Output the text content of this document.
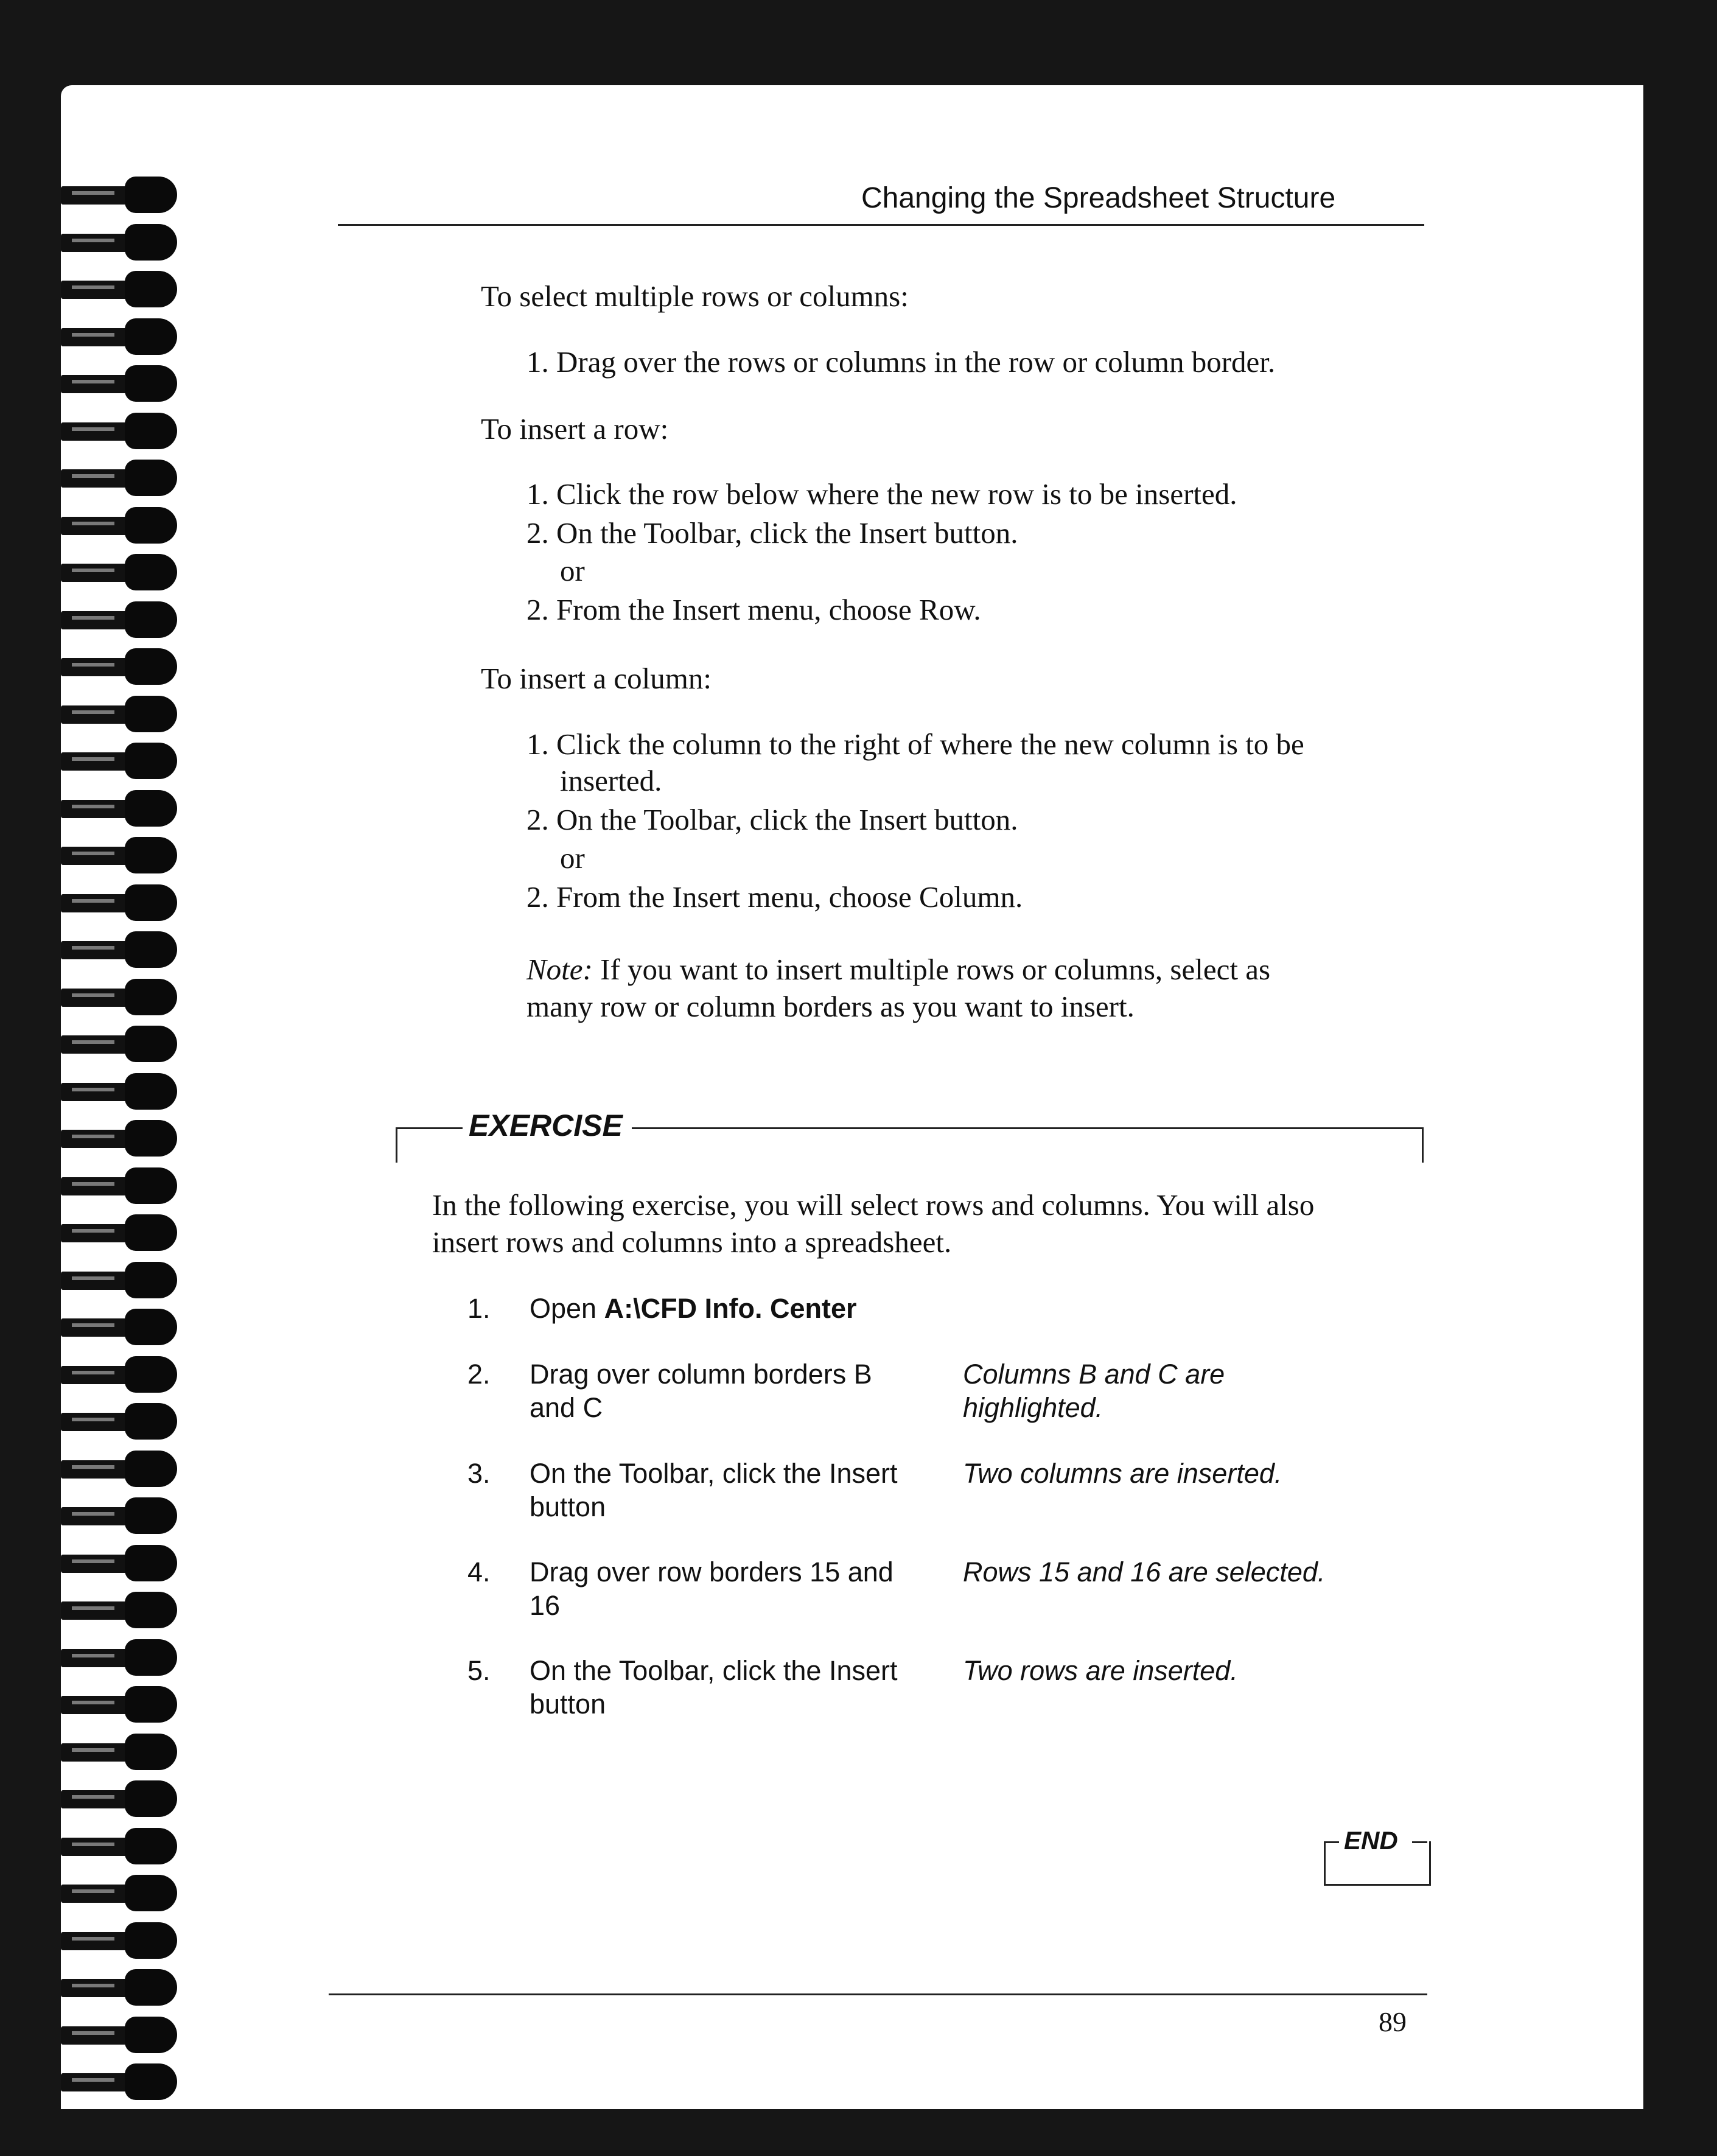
Changing the Spreadsheet Structure
To select multiple rows or columns:
1. Drag over the rows or columns in the row or column border.
To insert a row:
1. Click the row below where the new row is to be inserted.
2. On the Toolbar, click the Insert button.
or
2. From the Insert menu, choose Row.
To insert a column:
1. Click the column to the right of where the new column is to be
inserted.
2. On the Toolbar, click the Insert button.
or
2. From the Insert menu, choose Column.
Note: If you want to insert multiple rows or columns, select as
many row or column borders as you want to insert.
EXERCISE
In the following exercise, you will select rows and columns. You will also
insert rows and columns into a spreadsheet.
1. Open A:\CFD Info. Center
2. Drag over column borders B
and C
Columns B and C are
highlighted.
3. On the Toolbar, click the Insert
button
Two columns are inserted.
4. Drag over row borders 15 and
16
Rows 15 and 16 are selected.
5. On the Toolbar, click the Insert
button
Two rows are inserted.
END
89
